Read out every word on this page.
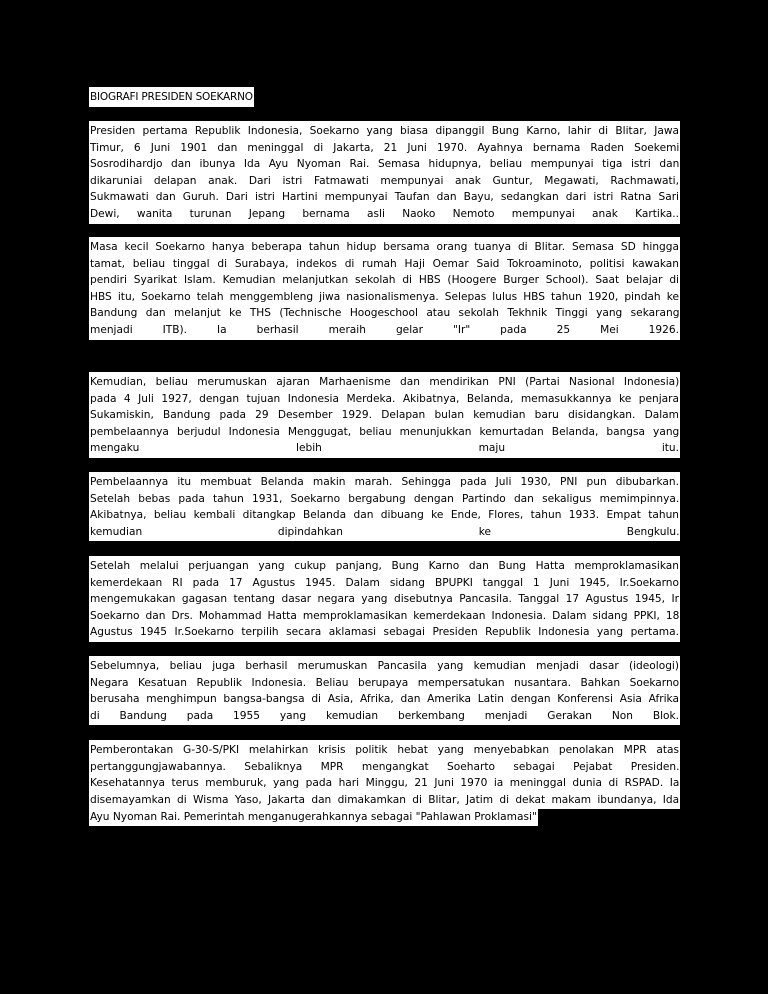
BIOGRAFI PRESIDEN SOEKARNO
Presiden pertama Republik Indonesia, Soekarno yang biasa dipanggil Bung Karno, lahir di Blitar, Jawa
Timur, 6 Juni 1901 dan meninggal di Jakarta, 21 Juni 1970. Ayahnya bernama Raden Soekemi
Sosrodihardjo dan ibunya Ida Ayu Nyoman Rai. Semasa hidupnya, beliau mempunyai tiga istri dan
dikaruniai delapan anak. Dari istri Fatmawati mempunyai anak Guntur, Megawati, Rachmawati,
Sukmawati dan Guruh. Dari istri Hartini mempunyai Taufan dan Bayu, sedangkan dari istri Ratna Sari
Dewi, wanita turunan Jepang bernama asli Naoko Nemoto mempunyai anak Kartika..
Masa kecil Soekarno hanya beberapa tahun hidup bersama orang tuanya di Blitar. Semasa SD hingga
tamat, beliau tinggal di Surabaya, indekos di rumah Haji Oemar Said Tokroaminoto, politisi kawakan
pendiri Syarikat Islam. Kemudian melanjutkan sekolah di HBS (Hoogere Burger School). Saat belajar di
HBS itu, Soekarno telah menggembleng jiwa nasionalismenya. Selepas lulus HBS tahun 1920, pindah ke
Bandung dan melanjut ke THS (Technische Hoogeschool atau sekolah Tekhnik Tinggi yang sekarang
menjadi ITB). Ia berhasil meraih gelar "Ir" pada 25 Mei 1926.
Kemudian, beliau merumuskan ajaran Marhaenisme dan mendirikan PNI (Partai Nasional Indonesia)
pada 4 Juli 1927, dengan tujuan Indonesia Merdeka. Akibatnya, Belanda, memasukkannya ke penjara
Sukamiskin, Bandung pada 29 Desember 1929. Delapan bulan kemudian baru disidangkan. Dalam
pembelaannya berjudul Indonesia Menggugat, beliau menunjukkan kemurtadan Belanda, bangsa yang
mengaku lebih maju itu.
Pembelaannya itu membuat Belanda makin marah. Sehingga pada Juli 1930, PNI pun dibubarkan.
Setelah bebas pada tahun 1931, Soekarno bergabung dengan Partindo dan sekaligus memimpinnya.
Akibatnya, beliau kembali ditangkap Belanda dan dibuang ke Ende, Flores, tahun 1933. Empat tahun
kemudian dipindahkan ke Bengkulu.
Setelah melalui perjuangan yang cukup panjang, Bung Karno dan Bung Hatta memproklamasikan
kemerdekaan RI pada 17 Agustus 1945. Dalam sidang BPUPKI tanggal 1 Juni 1945, Ir.Soekarno
mengemukakan gagasan tentang dasar negara yang disebutnya Pancasila. Tanggal 17 Agustus 1945, Ir
Soekarno dan Drs. Mohammad Hatta memproklamasikan kemerdekaan Indonesia. Dalam sidang PPKI, 18
Agustus 1945 Ir.Soekarno terpilih secara aklamasi sebagai Presiden Republik Indonesia yang pertama.
Sebelumnya, beliau juga berhasil merumuskan Pancasila yang kemudian menjadi dasar (ideologi)
Negara Kesatuan Republik Indonesia. Beliau berupaya mempersatukan nusantara. Bahkan Soekarno
berusaha menghimpun bangsa-bangsa di Asia, Afrika, dan Amerika Latin dengan Konferensi Asia Afrika
di Bandung pada 1955 yang kemudian berkembang menjadi Gerakan Non Blok.
Pemberontakan G-30-S/PKI melahirkan krisis politik hebat yang menyebabkan penolakan MPR atas
pertanggungjawabannya. Sebaliknya MPR mengangkat Soeharto sebagai Pejabat Presiden.
Kesehatannya terus memburuk, yang pada hari Minggu, 21 Juni 1970 ia meninggal dunia di RSPAD. Ia
disemayamkan di Wisma Yaso, Jakarta dan dimakamkan di Blitar, Jatim di dekat makam ibundanya, Ida
Ayu Nyoman Rai. Pemerintah menganugerahkannya sebagai "Pahlawan Proklamasi"
